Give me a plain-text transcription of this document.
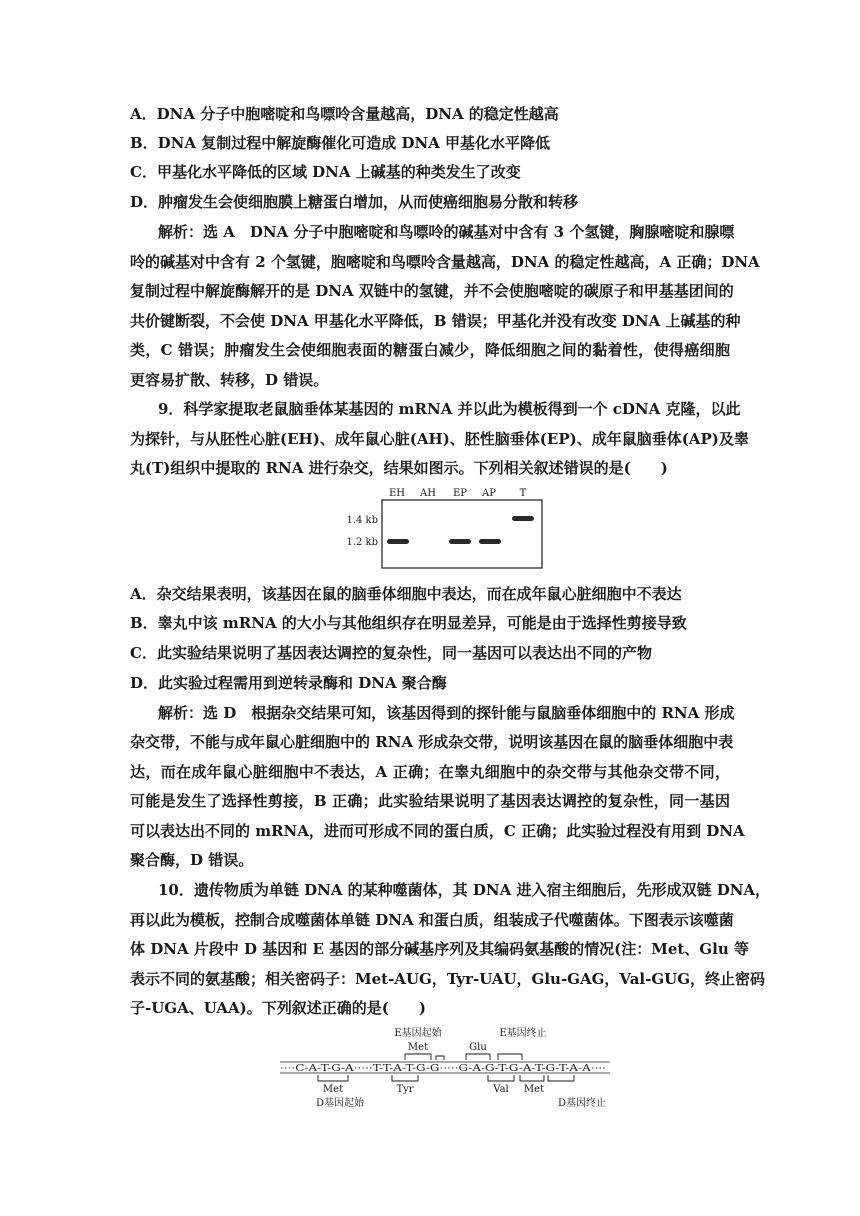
A．DNA 分子中胞嘧啶和鸟嘌呤含量越高，DNA 的稳定性越高
B．DNA 复制过程中解旋酶催化可造成 DNA 甲基化水平降低
C．甲基化水平降低的区域 DNA 上碱基的种类发生了改变
D．肿瘤发生会使细胞膜上糖蛋白增加，从而使癌细胞易分散和转移
解析：选 A　DNA 分子中胞嘧啶和鸟嘌呤的碱基对中含有 3 个氢键，胸腺嘧啶和腺嘌
呤的碱基对中含有 2 个氢键，胞嘧啶和鸟嘌呤含量越高，DNA 的稳定性越高，A 正确；DNA
复制过程中解旋酶解开的是 DNA 双链中的氢键，并不会使胞嘧啶的碳原子和甲基基团间的
共价键断裂，不会使 DNA 甲基化水平降低，B 错误；甲基化并没有改变 DNA 上碱基的种
类，C 错误；肿瘤发生会使细胞表面的糖蛋白减少，降低细胞之间的黏着性，使得癌细胞
更容易扩散、转移，D 错误。
9．科学家提取老鼠脑垂体某基因的 mRNA 并以此为模板得到一个 cDNA 克隆，以此
为探针，与从胚性心脏(EH)、成年鼠心脏(AH)、胚性脑垂体(EP)、成年鼠脑垂体(AP)及睾
丸(T)组织中提取的 RNA 进行杂交，结果如图示。下列相关叙述错误的是(　　)
EH AH EP AP T
1.4 kb
1.2 kb
A．杂交结果表明，该基因在鼠的脑垂体细胞中表达，而在成年鼠心脏细胞中不表达
B．睾丸中该 mRNA 的大小与其他组织存在明显差异，可能是由于选择性剪接导致
C．此实验结果说明了基因表达调控的复杂性，同一基因可以表达出不同的产物
D．此实验过程需用到逆转录酶和 DNA 聚合酶
解析：选 D　根据杂交结果可知，该基因得到的探针能与鼠脑垂体细胞中的 RNA 形成
杂交带，不能与成年鼠心脏细胞中的 RNA 形成杂交带，说明该基因在鼠的脑垂体细胞中表
达，而在成年鼠心脏细胞中不表达，A 正确；在睾丸细胞中的杂交带与其他杂交带不同，
可能是发生了选择性剪接，B 正确；此实验结果说明了基因表达调控的复杂性，同一基因
可以表达出不同的 mRNA，进而可形成不同的蛋白质，C 正确；此实验过程没有用到 DNA
聚合酶，D 错误。
10．遗传物质为单链 DNA 的某种噬菌体，其 DNA 进入宿主细胞后，先形成双链 DNA，
再以此为模板，控制合成噬菌体单链 DNA 和蛋白质，组装成子代噬菌体。下图表示该噬菌
体 DNA 片段中 D 基因和 E 基因的部分碱基序列及其编码氨基酸的情况(注：Met、Glu 等
表示不同的氨基酸；相关密码子：Met-AUG，Tyr-UAU，Glu-GAG，Val-GUG，终止密码
子-UGA、UAA)。下列叙述正确的是(　　)
E基因起始	E基因终止
Met	Glu
····C-A-T-G-A·····T-T-A-T-G-G·····G-A-G-T-G-A-T-G-T-A-A····
Met	Tyr	Val Met
D基因起始	D基因终止
